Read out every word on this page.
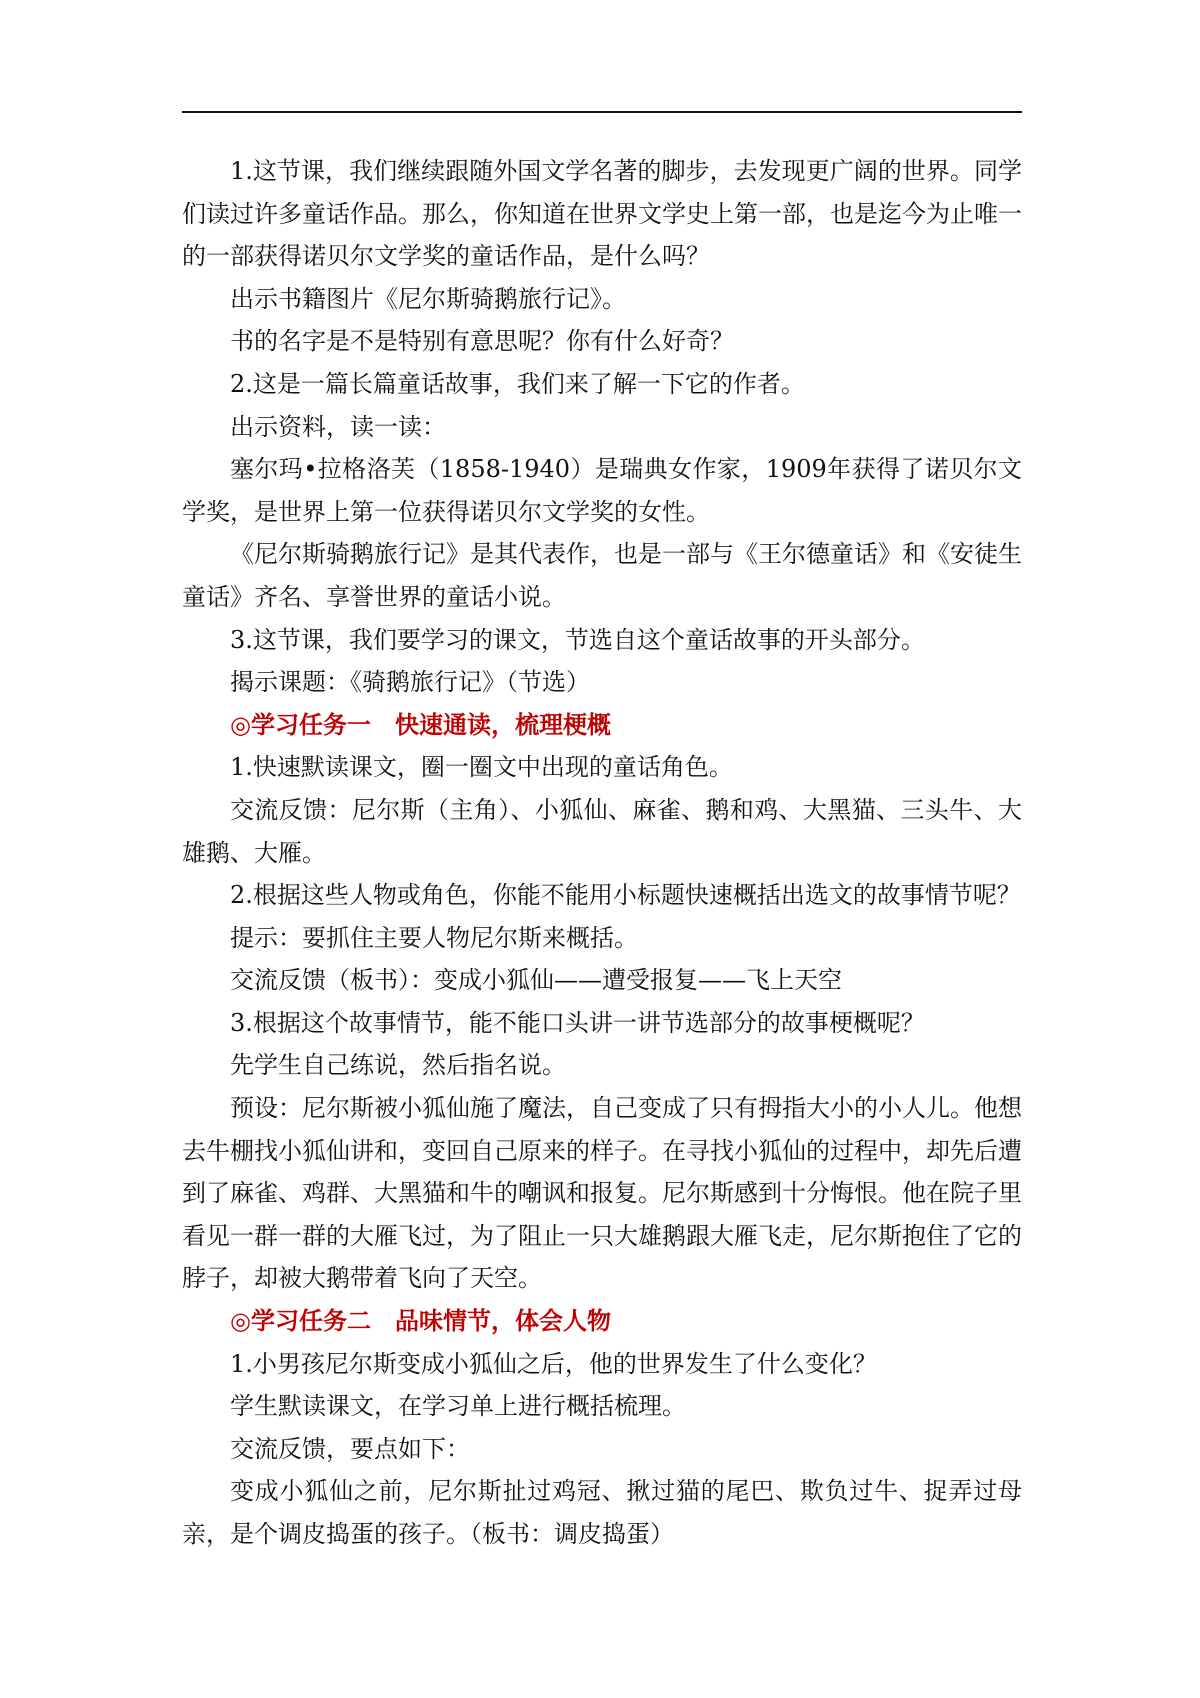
1.这节课，我们继续跟随外国文学名著的脚步，去发现更广阔的世界。同学们读过许多童话作品。那么，你知道在世界文学史上第一部，也是迄今为止唯一的一部获得诺贝尔文学奖的童话作品，是什么吗？

出示书籍图片《尼尔斯骑鹅旅行记》。

书的名字是不是特别有意思呢？你有什么好奇？

2.这是一篇长篇童话故事，我们来了解一下它的作者。

出示资料，读一读：

塞尔玛•拉格洛芙（1858-1940）是瑞典女作家，1909年获得了诺贝尔文学奖，是世界上第一位获得诺贝尔文学奖的女性。

《尼尔斯骑鹅旅行记》是其代表作，也是一部与《王尔德童话》和《安徒生童话》齐名、享誉世界的童话小说。

3.这节课，我们要学习的课文，节选自这个童话故事的开头部分。

揭示课题：《骑鹅旅行记》（节选）

◎学习任务一　快速通读，梳理梗概

1.快速默读课文，圈一圈文中出现的童话角色。

交流反馈：尼尔斯（主角）、小狐仙、麻雀、鹅和鸡、大黑猫、三头牛、大雄鹅、大雁。

2.根据这些人物或角色，你能不能用小标题快速概括出选文的故事情节呢？

提示：要抓住主要人物尼尔斯来概括。

交流反馈（板书）：变成小狐仙——遭受报复——飞上天空

3.根据这个故事情节，能不能口头讲一讲节选部分的故事梗概呢？

先学生自己练说，然后指名说。

预设：尼尔斯被小狐仙施了魔法，自己变成了只有拇指大小的小人儿。他想去牛棚找小狐仙讲和，变回自己原来的样子。在寻找小狐仙的过程中，却先后遭到了麻雀、鸡群、大黑猫和牛的嘲讽和报复。尼尔斯感到十分悔恨。他在院子里看见一群一群的大雁飞过，为了阻止一只大雄鹅跟大雁飞走，尼尔斯抱住了它的脖子，却被大鹅带着飞向了天空。

◎学习任务二　品味情节，体会人物

1.小男孩尼尔斯变成小狐仙之后，他的世界发生了什么变化？

学生默读课文，在学习单上进行概括梳理。

交流反馈，要点如下：

变成小狐仙之前，尼尔斯扯过鸡冠、揪过猫的尾巴、欺负过牛、捉弄过母亲，是个调皮捣蛋的孩子。（板书：调皮捣蛋）
